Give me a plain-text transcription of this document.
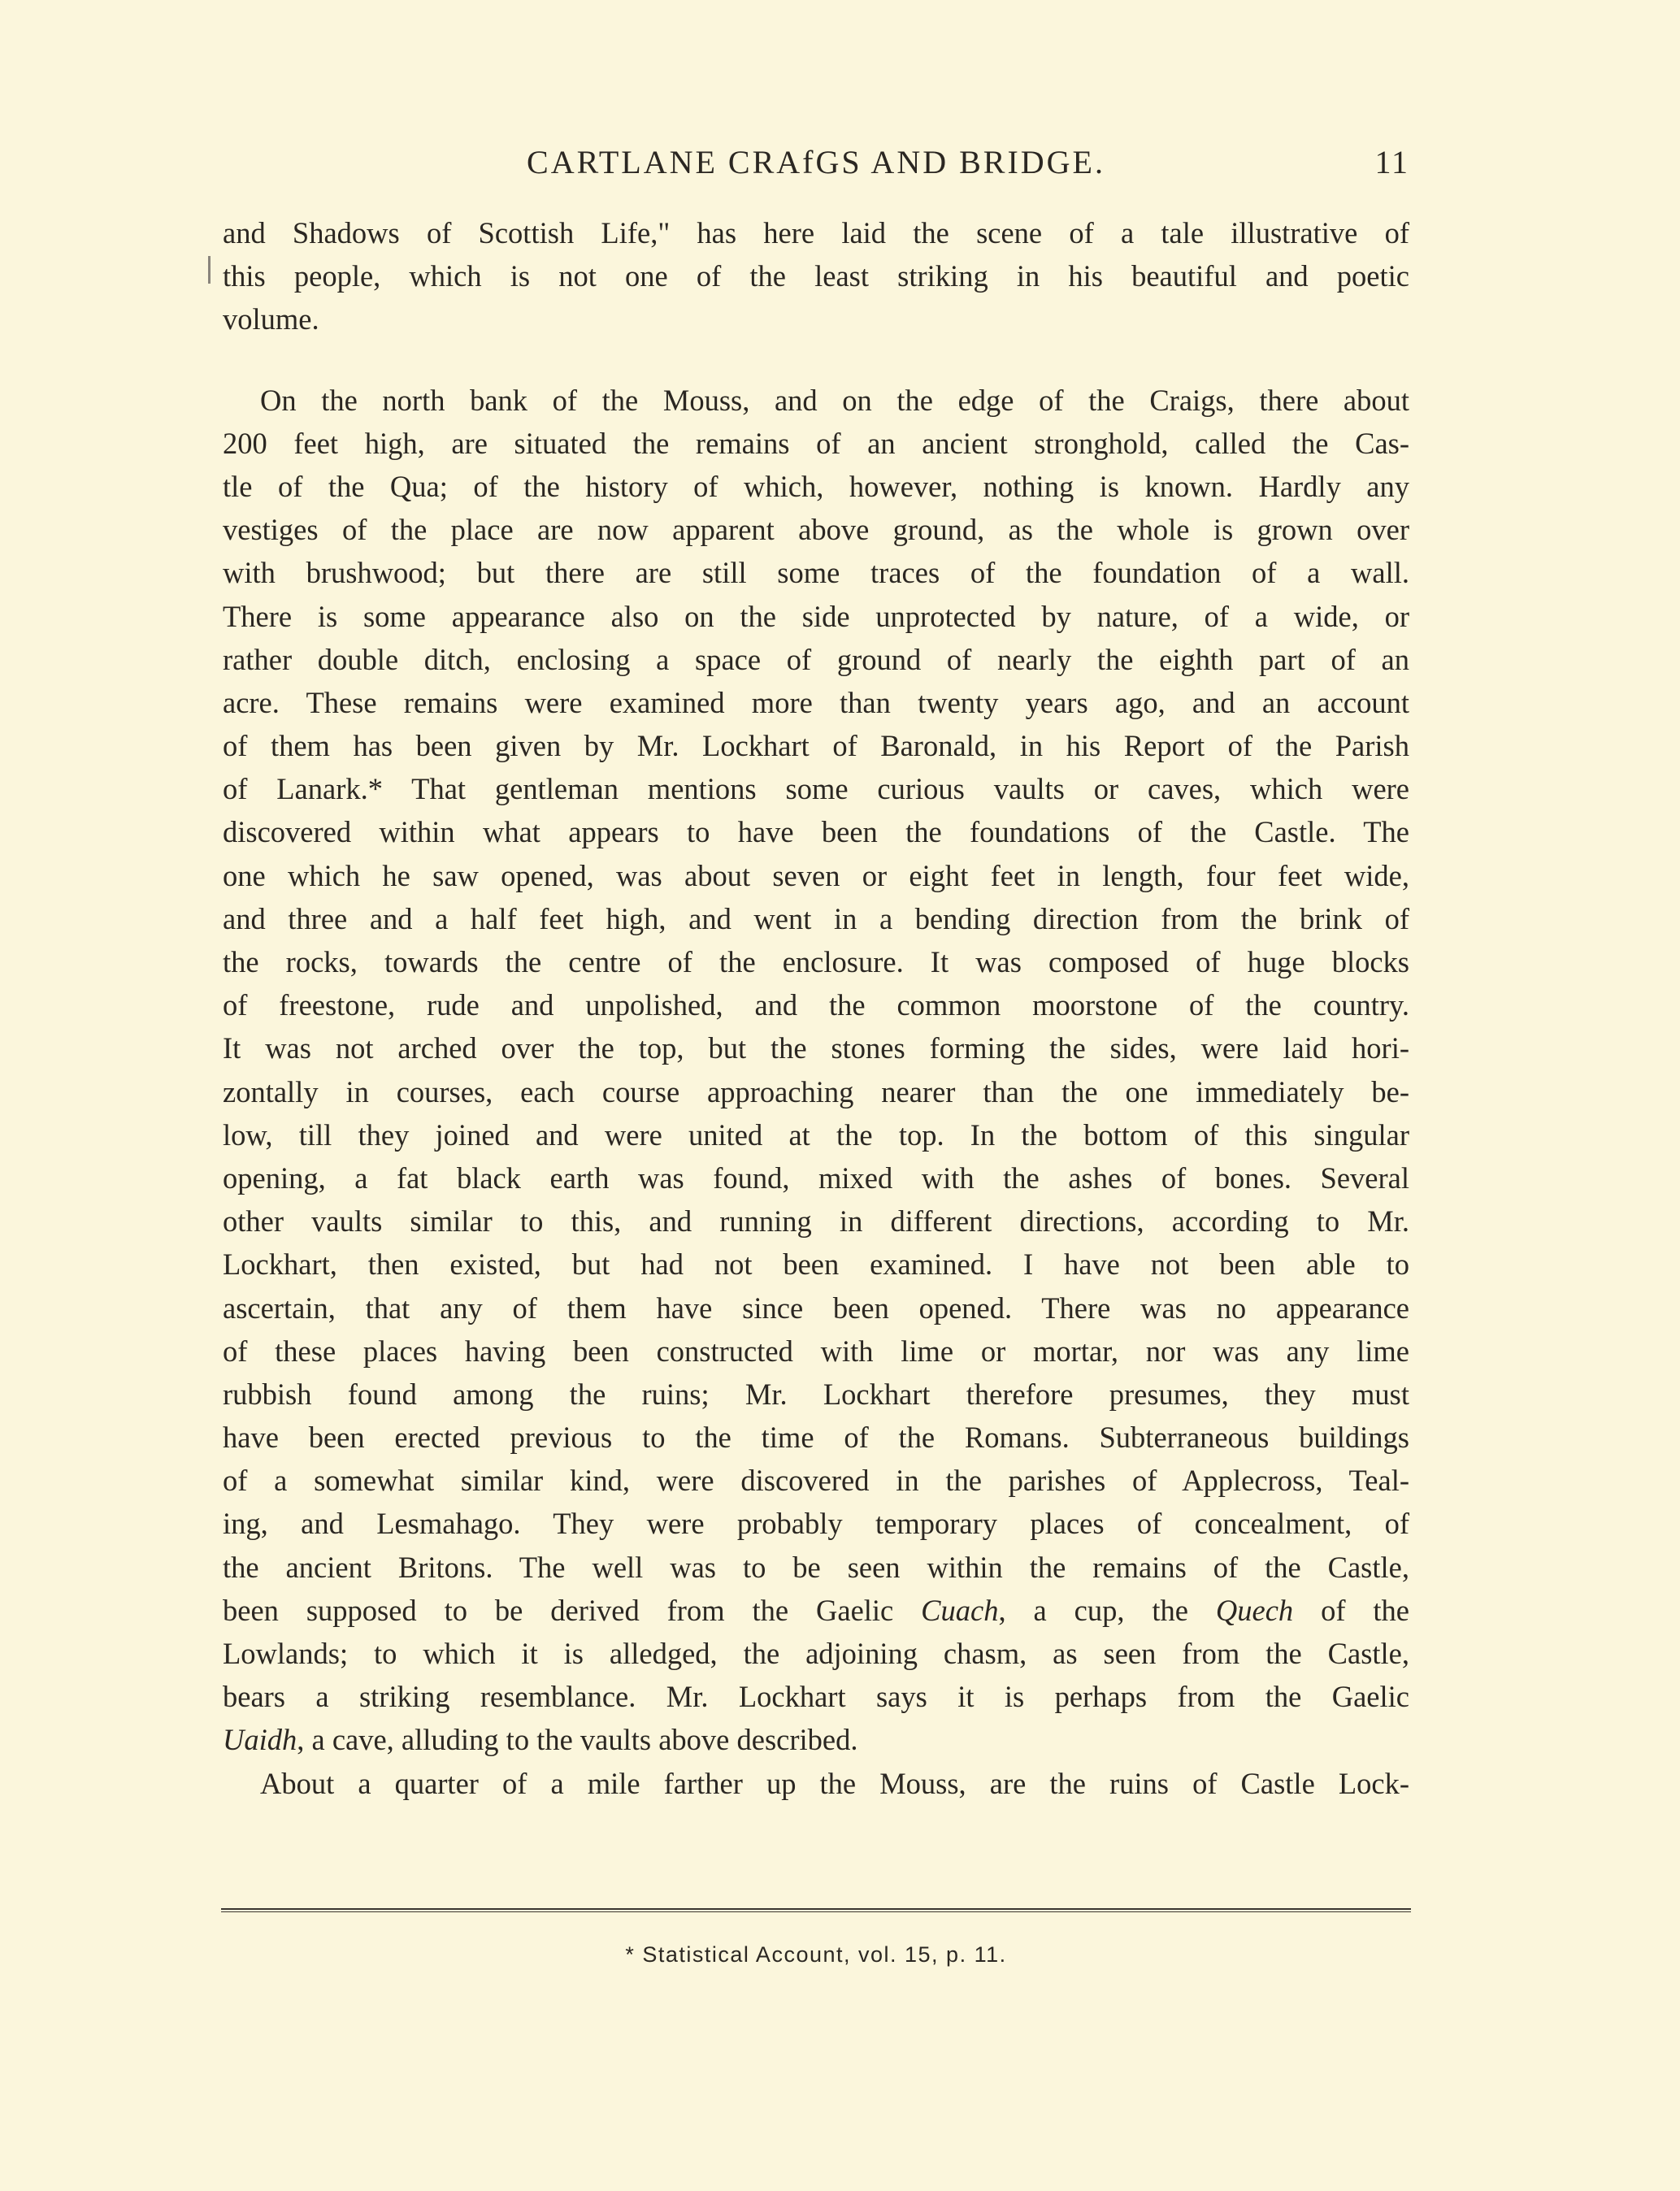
CARTLANE CRAfGS AND BRIDGE.	11
and Shadows of Scottish Life," has here laid the scene of a tale illustrative of
this people, which is not one of the least striking in his beautiful and poetic
volume.
On the north bank of the Mouss, and on the edge of the Craigs, there about
200 feet high, are situated the remains of an ancient stronghold, called the Cas-
tle of the Qua; of the history of which, however, nothing is known. Hardly any
vestiges of the place are now apparent above ground, as the whole is grown over
with brushwood; but there are still some traces of the foundation of a wall.
There is some appearance also on the side unprotected by nature, of a wide, or
rather double ditch, enclosing a space of ground of nearly the eighth part of an
acre. These remains were examined more than twenty years ago, and an account
of them has been given by Mr. Lockhart of Baronald, in his Report of the Parish
of Lanark.* That gentleman mentions some curious vaults or caves, which were
discovered within what appears to have been the foundations of the Castle. The
one which he saw opened, was about seven or eight feet in length, four feet wide,
and three and a half feet high, and went in a bending direction from the brink of
the rocks, towards the centre of the enclosure. It was composed of huge blocks
of freestone, rude and unpolished, and the common moorstone of the country.
It was not arched over the top, but the stones forming the sides, were laid hori-
zontally in courses, each course approaching nearer than the one immediately be-
low, till they joined and were united at the top. In the bottom of this singular
opening, a fat black earth was found, mixed with the ashes of bones. Several
other vaults similar to this, and running in different directions, according to Mr.
Lockhart, then existed, but had not been examined. I have not been able to
ascertain, that any of them have since been opened. There was no appearance
of these places having been constructed with lime or mortar, nor was any lime
rubbish found among the ruins; Mr. Lockhart therefore presumes, they must
have been erected previous to the time of the Romans. Subterraneous buildings
of a somewhat similar kind, were discovered in the parishes of Applecross, Teal-
ing, and Lesmahago. They were probably temporary places of concealment, of
the ancient Britons. The well was to be seen within the remains of the Castle,
been supposed to be derived from the Gaelic Cuach, a cup, the Quech of the
Lowlands; to which it is alledged, the adjoining chasm, as seen from the Castle,
bears a striking resemblance. Mr. Lockhart says it is perhaps from the Gaelic
Uaidh, a cave, alluding to the vaults above described.
About a quarter of a mile farther up the Mouss, are the ruins of Castle Lock-
* Statistical Account, vol. 15, p. 11.
